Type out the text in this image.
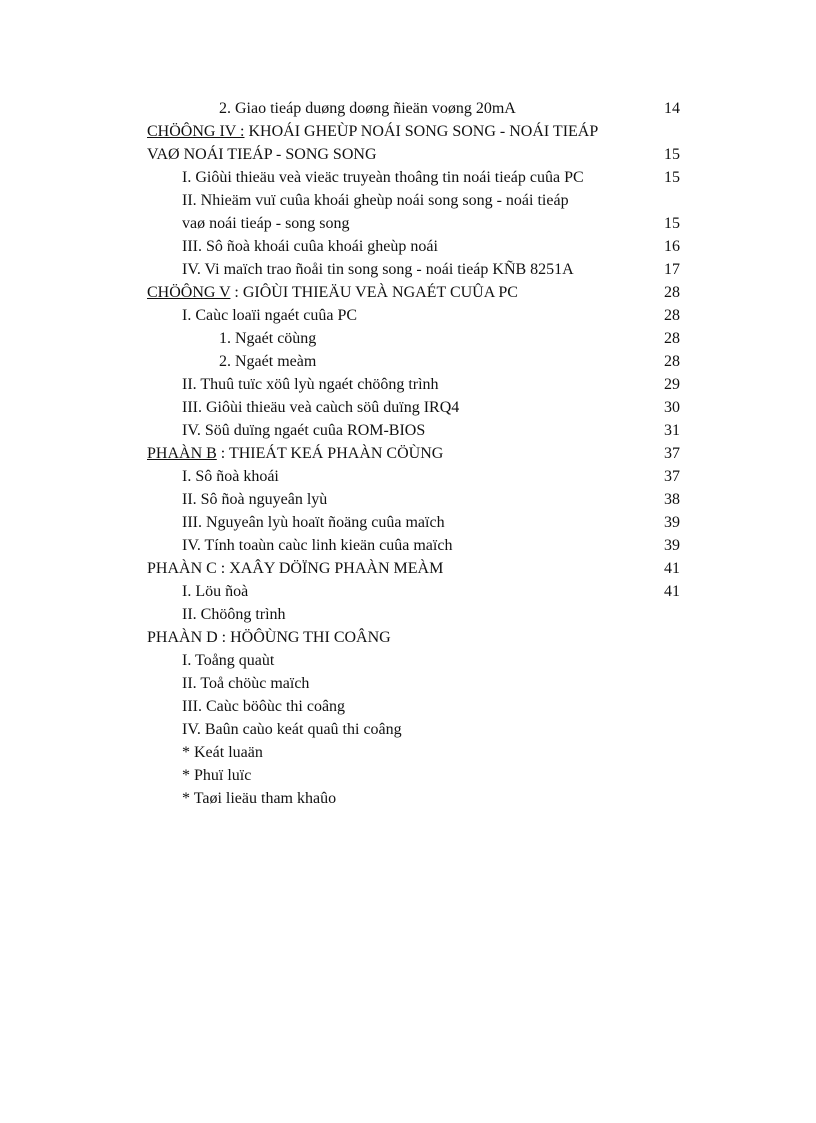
2. Giao tieáp duøng doøng ñieän voøng 20mA	14
CHÖÔNG IV : KHOÁI GHEÙP NOÁI SONG SONG - NOÁI TIEÁP
VAØ NOÁI TIEÁP - SONG SONG	15
I. Giôùi thieäu veà vieäc truyeàn thoâng tin noái tieáp cuûa PC	15
II. Nhieäm vuï cuûa khoái gheùp noái song song - noái tieáp
vaø noái tieáp - song song	15
III. Sô ñoà khoái cuûa khoái gheùp noái	16
IV. Vi maïch trao ñoåi tin song song - noái tieáp KÑB 8251A	17
CHÖÔNG V : GIÔÙI THIEÄU VEÀ NGAÉT CUÛA PC	28
I. Caùc loaïi ngaét cuûa PC	28
1. Ngaét cöùng	28
2. Ngaét meàm	28
II. Thuû tuïc xöû lyù ngaét chöông trình	29
III. Giôùi thieäu veà caùch söû duïng IRQ4	30
IV. Söû duïng ngaét cuûa ROM-BIOS	31
PHAÀN B : THIEÁT KEÁ PHAÀN CÖÙNG	37
I. Sô ñoà khoái	37
II. Sô ñoà nguyeân lyù	38
III. Nguyeân lyù hoaït ñoäng cuûa maïch	39
IV. Tính toaùn caùc linh kieän cuûa maïch	39
PHAÀN C : XAÂY DÖÏNG PHAÀN MEÀM	41
I. Löu ñoà	41
II. Chöông trình
PHAÀN D : HÖÔÙNG THI COÂNG
I. Toång quaùt
II. Toå chöùc maïch
III. Caùc böôùc thi coâng
IV. Baûn caùo keát quaû thi coâng
* Keát luaän
* Phuï luïc
* Taøi lieäu tham khaûo
